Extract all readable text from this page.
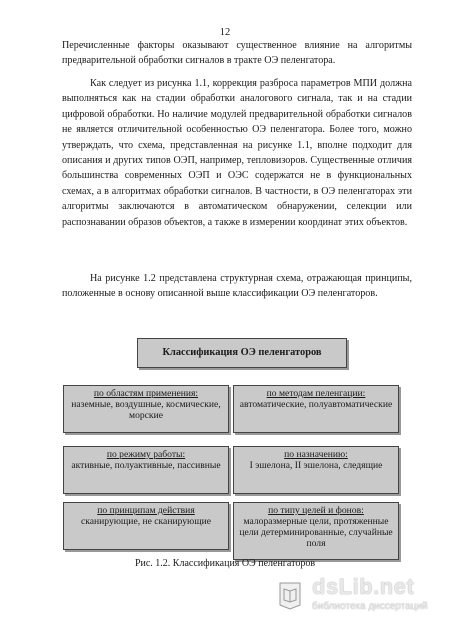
12

Перечисленные факторы оказывают существенное влияние на алгоритмы предварительной обработки сигналов в тракте ОЭ пеленгатора.

Как следует из рисунка 1.1, коррекция разброса параметров МПИ должна выполняться как на стадии обработки аналогового сигнала, так и на стадии цифровой обработки. Но наличие модулей предварительной обработки сигналов не является отличительной особенностью ОЭ пеленгатора. Более того, можно утверждать, что схема, представленная на рисунке 1.1, вполне подходит для описания и других типов ОЭП, например, тепловизоров. Существенные отличия большинства современных ОЭП и ОЭС содержатся не в функциональных схемах, а в алгоритмах обработки сигналов. В частности, в ОЭ пеленгаторах эти алгоритмы заключаются в автоматическом обнаружении, селекции или распознавании образов объектов, а также в измерении координат этих объектов.

На рисунке 1.2 представлена структурная схема, отражающая принципы, положенные в основу описанной выше классификации ОЭ пеленгаторов.

Классификация ОЭ пеленгаторов
по областям применения:
наземные, воздушные, космические, морские
по методам пеленгации:
автоматические, полуавтоматические
по режиму работы:
активные, полуактивные, пассивные
по назначению:
I эшелона, II эшелона, следящие
по принципам действия
сканирующие, не сканирующие
по типу целей и фонов:
малоразмерные цели, протяженные цели детерминированные, случайные поля
Рис. 1.2. Классификация ОЭ пеленгаторов
dsLib.net
библиотека диссертаций
